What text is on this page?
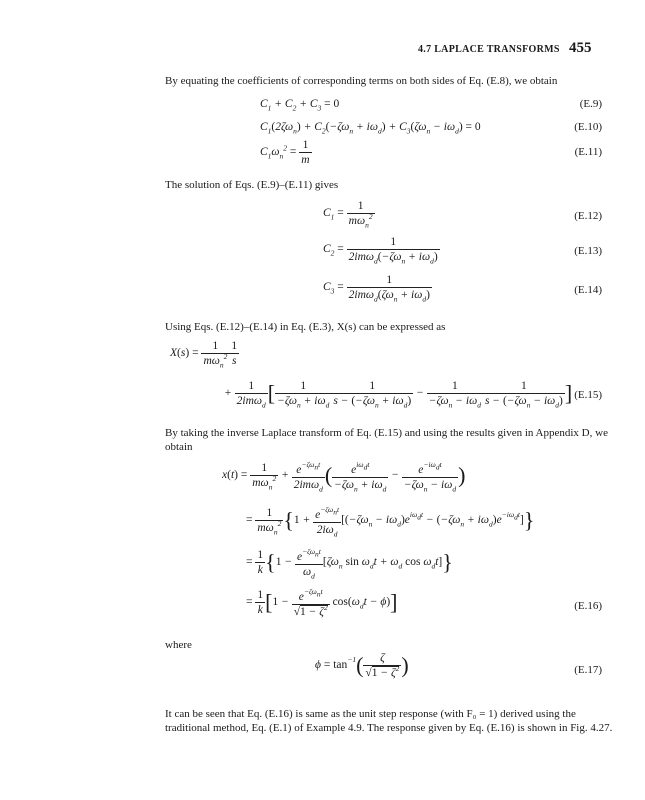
4.7 LAPLACE TRANSFORMS 455
By equating the coefficients of corresponding terms on both sides of Eq. (E.8), we obtain
$C_1 + C_2 + C_3 = 0$	(E.9)
$C_1(2\zeta\omega_n) + C_2(-\zeta\omega_n + i\omega_d) + C_3(\zeta\omega_n - i\omega_d) = 0$	(E.10)
$C_1\omega_n^2 = \frac{1}{m}$	(E.11)
The solution of Eqs. (E.9)–(E.11) gives
$C_1 = \frac{1}{m\omega_n^2}$	(E.12)
$C_2 = \frac{1}{2im\omega_d(-\zeta\omega_n + i\omega_d)}$	(E.13)
$C_3 = \frac{1}{2im\omega_d(\zeta\omega_n + i\omega_d)}$	(E.14)
Using Eqs. (E.12)–(E.14) in Eq. (E.3), X(s) can be expressed as
$X(s) = \frac{1}{m\omega_n^2} \frac{1}{s}$
+ $\frac{1}{2im\omega_d}$ [ $\frac{1}{-\zeta\omega_n + i\omega_d} \frac{1}{s - (-\zeta\omega_n + i\omega_d)} - \frac{1}{-\zeta\omega_n - i\omega_d} \frac{1}{s - (-\zeta\omega_n - i\omega_d)}$ ] (E.15)
By taking the inverse Laplace transform of Eq. (E.15) and using the results given in Appendix D, we obtain
$x(t) = \frac{1}{m\omega_n^2} + \frac{e^{-\zeta\omega_nt}}{2im\omega_d}$ ( $\frac{e^{i\omega_dt}}{-\zeta\omega_n + i\omega_d} - \frac{e^{-i\omega_dt}}{-\zeta\omega_n - i\omega_d}$ )
= $\frac{1}{m\omega_n^2} \{1 + \frac{e^{-\zeta\omega_nt}}{2i\omega_d} [(-\zeta\omega_n - i\omega_d)e^{i\omega_dt} - (-\zeta\omega_n + i\omega_d)e^{-i\omega_dt}]\}$
= $\frac{1}{k} \{1 - \frac{e^{-\zeta\omega_nt}}{\omega_d} [\zeta\omega_n$ $\sin \omega_dt + \omega_d$ $\cos \omega_dt$]}
= $\frac{1}{k} [1 - \frac{e^{-\zeta\omega_nt}}{√1 - \zeta^2} \cos(\omega_dt - \phi)]$	(E.16)
where
$\phi = \tan^{-1}( \frac{\zeta}{√1 - \zeta^2}$ )	(E.17)
It can be seen that Eq. (E.16) is same as the unit step response (with F₀ = 1) derived using the traditional method, Eq. (E.1) of Example 4.9. The response given by Eq. (E.16) is shown in Fig. 4.27.
